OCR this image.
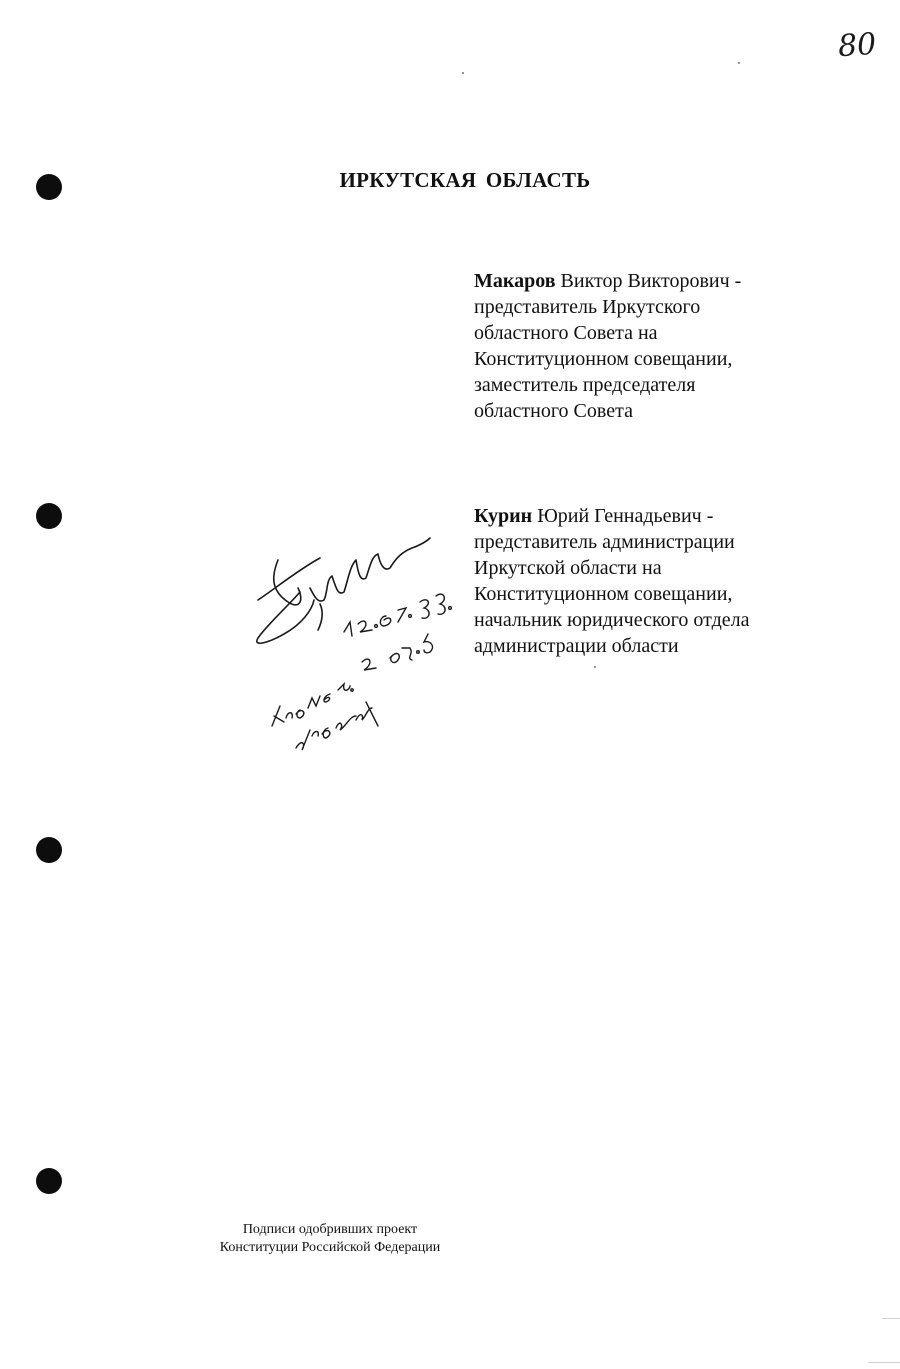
80
ИРКУТСКАЯ ОБЛАСТЬ
Макаров Виктор Викторович -
представитель Иркутского
областного Совета на
Конституционном совещании,
заместитель председателя
областного Совета
Курин Юрий Геннадьевич -
представитель администрации
Иркутской области на
Конституционном совещании,
начальник юридического отдела
администрации области
Подписи одобривших проект
Конституции Российской Федерации
